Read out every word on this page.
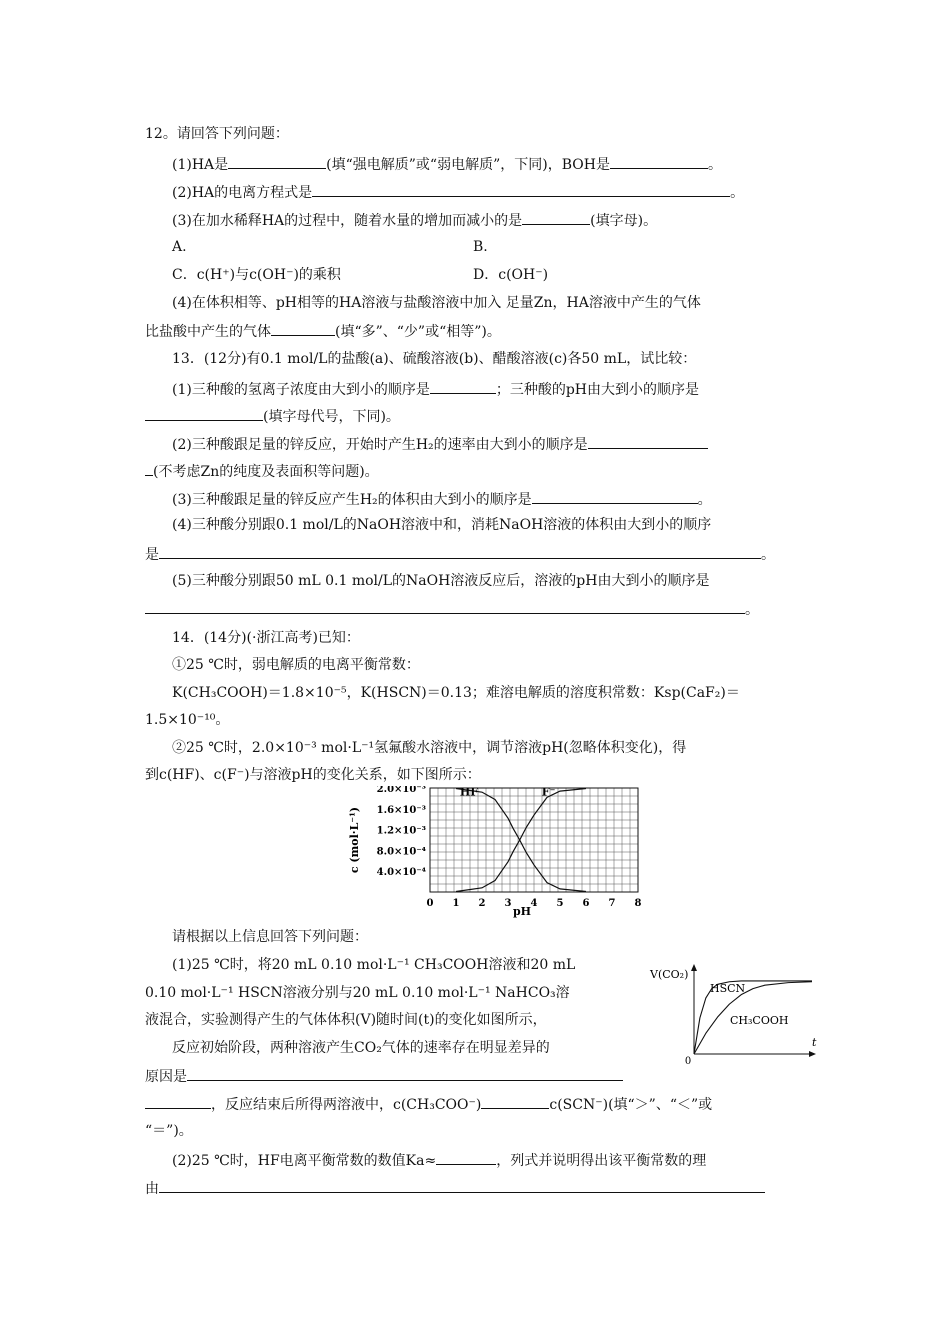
12。请回答下列问题：
(1)HA是	(填“强电解质”或“弱电解质”，下同)，BOH是	。
(2)HA的电离方程式是	。
(3)在加水稀释HA的过程中，随着水量的增加而减小的是	(填字母)。
A.	B.
C．c(H⁺)与c(OH⁻)的乘积	D．c(OH⁻)
(4)在体积相等、pH相等的HA溶液与盐酸溶液中加入 足量Zn，HA溶液中产生的气体
比盐酸中产生的气体	(填“多”、“少”或“相等”)。
13．(12分)有0.1 mol/L的盐酸(a)、硫酸溶液(b)、醋酸溶液(c)各50 mL，试比较：
(1)三种酸的氢离子浓度由大到小的顺序是	；三种酸的pH由大到小的顺序是
(填字母代号，下同)。
(2)三种酸跟足量的锌反应，开始时产生H₂的速率由大到小的顺序是
(不考虑Zn的纯度及表面积等问题)。
(3)三种酸跟足量的锌反应产生H₂的体积由大到小的顺序是	。
(4)三种酸分别跟0.1 mol/L的NaOH溶液中和，消耗NaOH溶液的体积由大到小的顺序
是	。
(5)三种酸分别跟50 mL 0.1 mol/L的NaOH溶液反应后，溶液的pH由大到小的顺序是
。
14．(14分)(·浙江高考)已知：
①25 ℃时，弱电解质的电离平衡常数：
K(CH₃COOH)＝1.8×10⁻⁵，K(HSCN)＝0.13；难溶电解质的溶度积常数：Ksp(CaF₂)＝
1.5×10⁻¹⁰。
②25 ℃时，2.0×10⁻³ mol·L⁻¹氢氟酸水溶液中，调节溶液pH(忽略体积变化)，得
到c(HF)、c(F⁻)与溶液pH的变化关系，如下图所示：
4.0×10⁻⁴
8.0×10⁻⁴
1.2×10⁻³
1.6×10⁻³
2.0×10⁻³
0 1 2 3 4 5 6 7 8
c (mol·L⁻¹)
pH
HF	F⁻
请根据以上信息回答下列问题：
(1)25 ℃时，将20 mL 0.10 mol·L⁻¹ CH₃COOH溶液和20 mL
0.10 mol·L⁻¹ HSCN溶液分别与20 mL 0.10 mol·L⁻¹ NaHCO₃溶
液混合，实验测得产生的气体体积(V)随时间(t)的变化如图所示，
反应初始阶段，两种溶液产生CO₂气体的速率存在明显差异的
原因是
，反应结束后所得两溶液中，c(CH₃COO⁻)	c(SCN⁻)(填“＞”、“＜”或
“＝”)。
(2)25 ℃时，HF电离平衡常数的数值Ka≈	，列式并说明得出该平衡常数的理
由
V(CO₂)
t
0
HSCN
CH₃COOH
